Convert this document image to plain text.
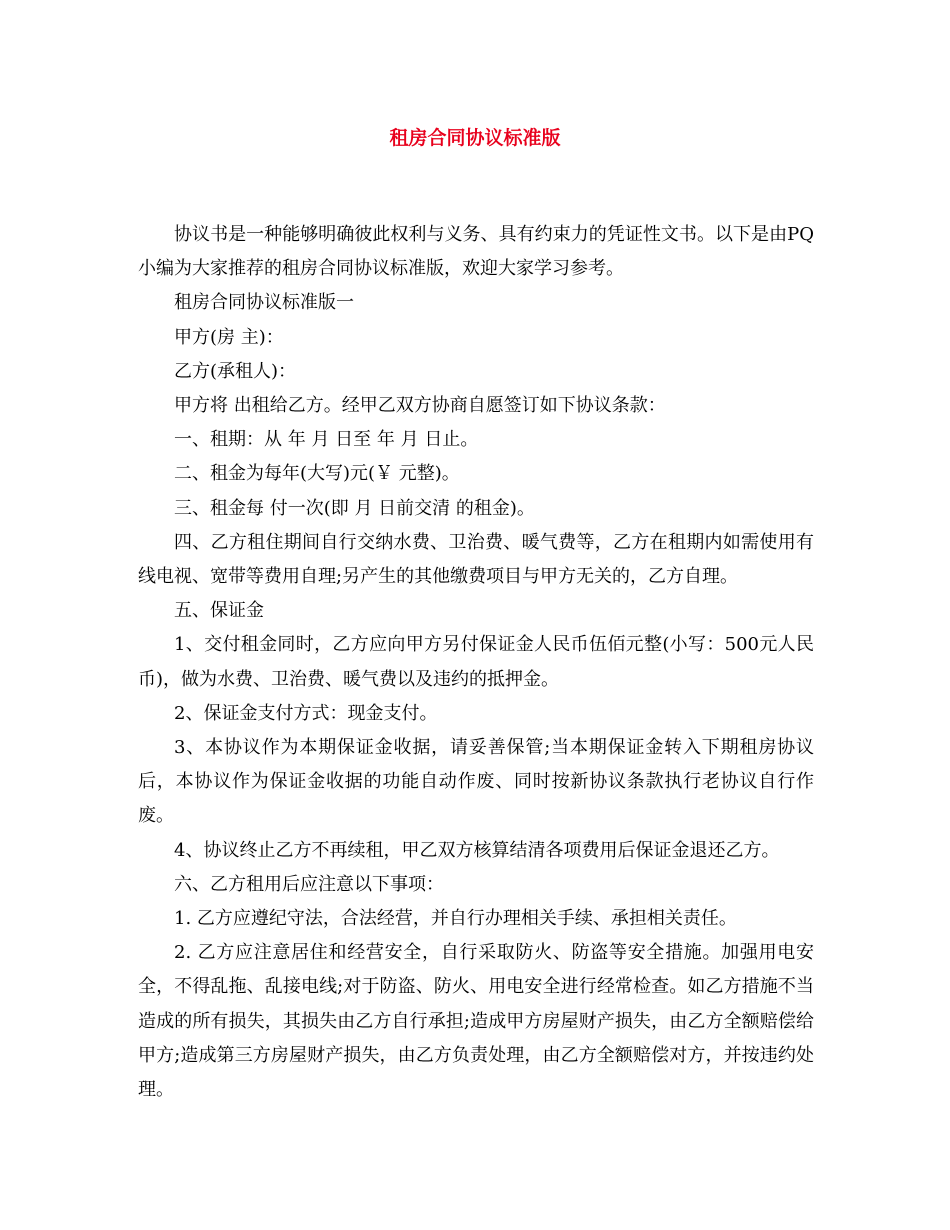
租房合同协议标准版

协议书是一种能够明确彼此权利与义务、具有约束力的凭证性文书。以下是由PQ小编为大家推荐的租房合同协议标准版，欢迎大家学习参考。

租房合同协议标准版一

甲方(房 主)：

乙方(承租人)：

甲方将 出租给乙方。经甲乙双方协商自愿签订如下协议条款：

一、租期：从 年 月 日至 年 月 日止。

二、租金为每年(大写)元(￥ 元整)。

三、租金每 付一次(即 月 日前交清 的租金)。

四、乙方租住期间自行交纳水费、卫治费、暖气费等，乙方在租期内如需使用有线电视、宽带等费用自理;另产生的其他缴费项目与甲方无关的，乙方自理。

五、保证金

1、交付租金同时，乙方应向甲方另付保证金人民币伍佰元整(小写：500元人民币)，做为水费、卫治费、暖气费以及违约的抵押金。

2、保证金支付方式：现金支付。

3、本协议作为本期保证金收据，请妥善保管;当本期保证金转入下期租房协议后，本协议作为保证金收据的功能自动作废、同时按新协议条款执行老协议自行作废。

4、协议终止乙方不再续租，甲乙双方核算结清各项费用后保证金退还乙方。

六、乙方租用后应注意以下事项：

1. 乙方应遵纪守法，合法经营，并自行办理相关手续、承担相关责任。

2. 乙方应注意居住和经营安全，自行采取防火、防盗等安全措施。加强用电安全，不得乱拖、乱接电线;对于防盗、防火、用电安全进行经常检查。如乙方措施不当造成的所有损失，其损失由乙方自行承担;造成甲方房屋财产损失，由乙方全额赔偿给甲方;造成第三方房屋财产损失，由乙方负责处理，由乙方全额赔偿对方，并按违约处理。
